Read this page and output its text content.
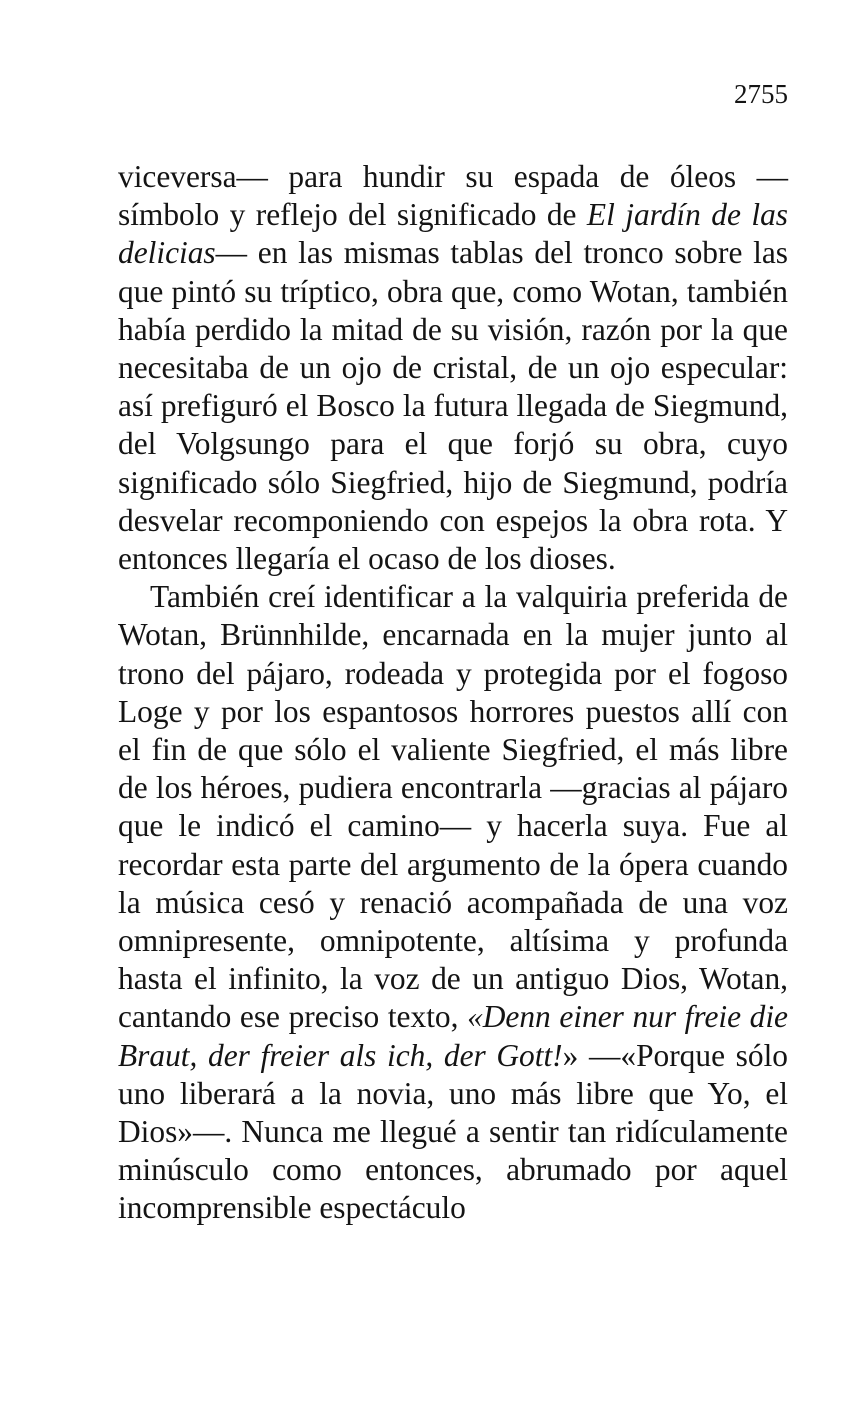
2755

viceversa— para hundir su espada de óleos —símbolo y reflejo del significado de El jardín de las delicias— en las mismas tablas del tronco sobre las que pintó su tríptico, obra que, como Wotan, también había perdido la mitad de su visión, razón por la que necesitaba de un ojo de cristal, de un ojo especular: así prefiguró el Bosco la futura llegada de Siegmund, del Volgsungo para el que forjó su obra, cuyo significado sólo Siegfried, hijo de Siegmund, podría desvelar recomponiendo con espejos la obra rota. Y entonces llegaría el ocaso de los dioses.

También creí identificar a la valquiria preferida de Wotan, Brünnhilde, encarnada en la mujer junto al trono del pájaro, rodeada y protegida por el fogoso Loge y por los espantosos horrores puestos allí con el fin de que sólo el valiente Siegfried, el más libre de los héroes, pudiera encontrarla —gracias al pájaro que le indicó el camino— y hacerla suya. Fue al recordar esta parte del argumento de la ópera cuando la música cesó y renació acompañada de una voz omnipresente, omnipotente, altísima y profunda hasta el infinito, la voz de un antiguo Dios, Wotan, cantando ese preciso texto, «Denn einer nur freie die Braut, der freier als ich, der Gott!» —«Porque sólo uno liberará a la novia, uno más libre que Yo, el Dios»—. Nunca me llegué a sentir tan ridículamente minúsculo como entonces, abrumado por aquel incomprensible espectáculo
